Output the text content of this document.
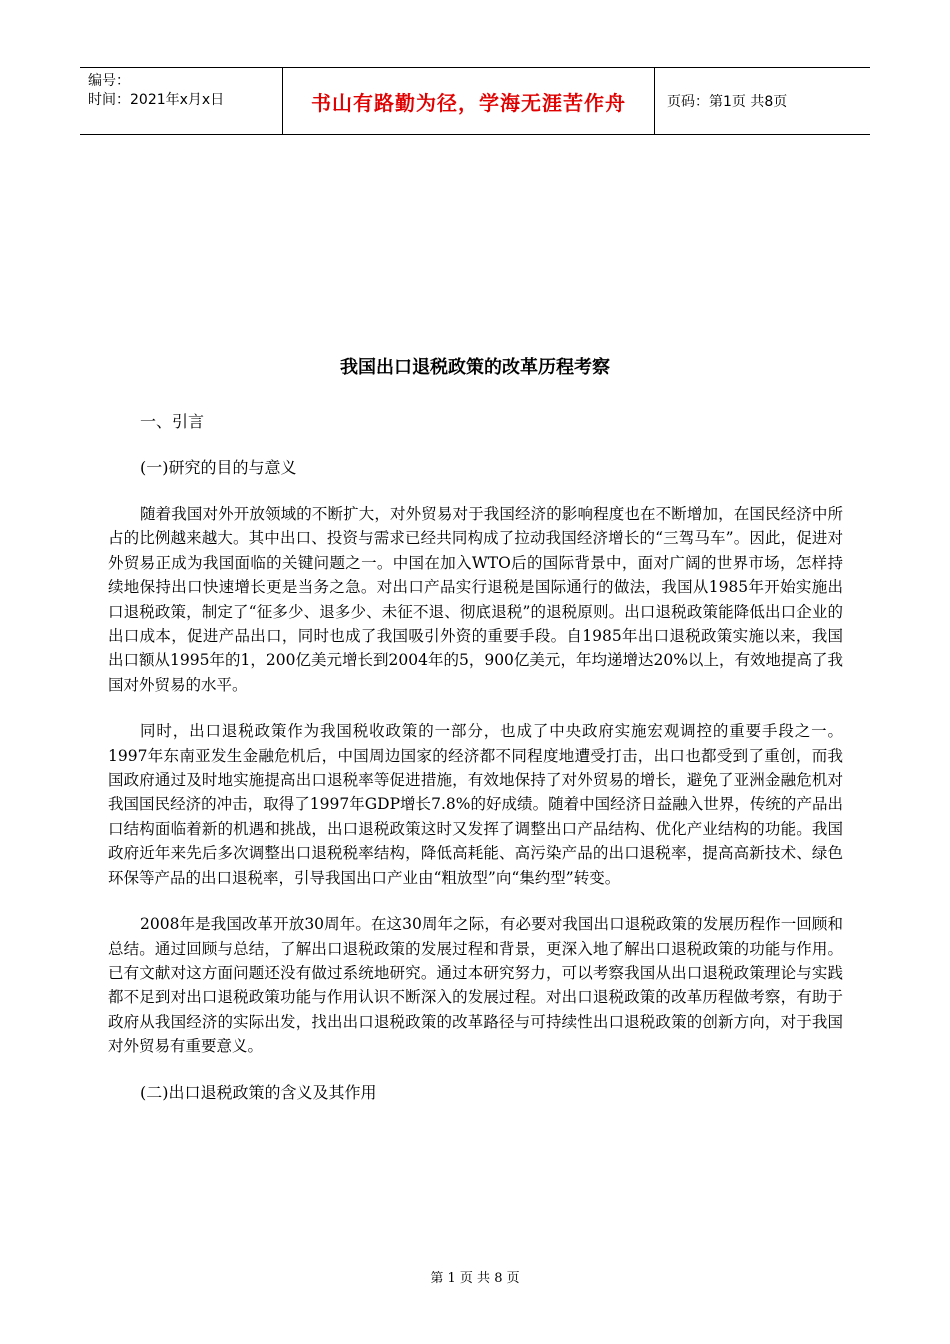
编号：
时间：2021年x月x日	书山有路勤为径，学海无涯苦作舟	页码：第1页 共8页
我国出口退税政策的改革历程考察

一、引言

(一)研究的目的与意义

随着我国对外开放领域的不断扩大，对外贸易对于我国经济的影响程度也在不断增加，在国民经济中所占的比例越来越大。其中出口、投资与需求已经共同构成了拉动我国经济增长的“三驾马车”。因此，促进对外贸易正成为我国面临的关键问题之一。中国在加入WTO后的国际背景中，面对广阔的世界市场，怎样持续地保持出口快速增长更是当务之急。对出口产品实行退税是国际通行的做法，我国从1985年开始实施出口退税政策，制定了“征多少、退多少、未征不退、彻底退税”的退税原则。出口退税政策能降低出口企业的出口成本，促进产品出口，同时也成了我国吸引外资的重要手段。自1985年出口退税政策实施以来，我国出口额从1995年的1，200亿美元增长到2004年的5，900亿美元，年均递增达20%以上，有效地提高了我国对外贸易的水平。

同时，出口退税政策作为我国税收政策的一部分，也成了中央政府实施宏观调控的重要手段之一。1997年东南亚发生金融危机后，中国周边国家的经济都不同程度地遭受打击，出口也都受到了重创，而我国政府通过及时地实施提高出口退税率等促进措施，有效地保持了对外贸易的增长，避免了亚洲金融危机对我国国民经济的冲击，取得了1997年GDP增长7.8%的好成绩。随着中国经济日益融入世界，传统的产品出口结构面临着新的机遇和挑战，出口退税政策这时又发挥了调整出口产品结构、优化产业结构的功能。我国政府近年来先后多次调整出口退税税率结构，降低高耗能、高污染产品的出口退税率，提高高新技术、绿色环保等产品的出口退税率，引导我国出口产业由“粗放型”向“集约型”转变。

2008年是我国改革开放30周年。在这30周年之际，有必要对我国出口退税政策的发展历程作一回顾和总结。通过回顾与总结，了解出口退税政策的发展过程和背景，更深入地了解出口退税政策的功能与作用。已有文献对这方面问题还没有做过系统地研究。通过本研究努力，可以考察我国从出口退税政策理论与实践都不足到对出口退税政策功能与作用认识不断深入的发展过程。对出口退税政策的改革历程做考察，有助于政府从我国经济的实际出发，找出出口退税政策的改革路径与可持续性出口退税政策的创新方向，对于我国对外贸易有重要意义。

(二)出口退税政策的含义及其作用

第 1 页 共 8 页
